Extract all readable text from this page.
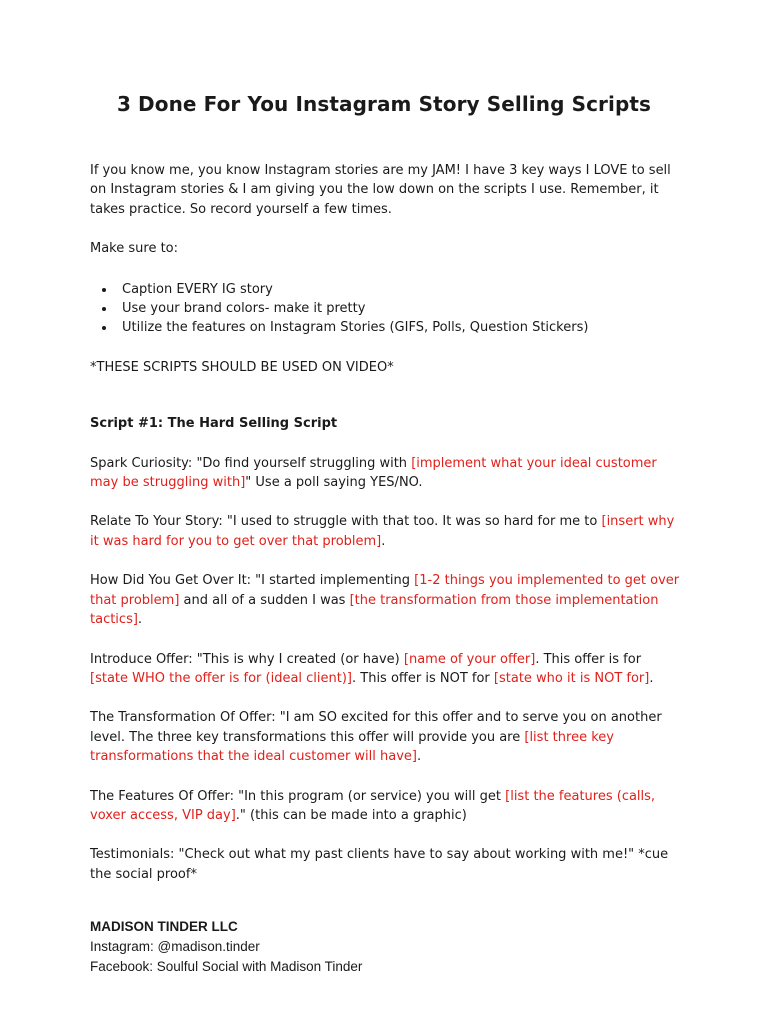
3 Done For You Instagram Story Selling Scripts

If you know me, you know Instagram stories are my JAM! I have 3 key ways I LOVE to sell on Instagram stories & I am giving you the low down on the scripts I use. Remember, it takes practice. So record yourself a few times.

Make sure to:

• Caption EVERY IG story
• Use your brand colors- make it pretty
• Utilize the features on Instagram Stories (GIFS, Polls, Question Stickers)

*THESE SCRIPTS SHOULD BE USED ON VIDEO*

Script #1: The Hard Selling Script

Spark Curiosity: "Do find yourself struggling with [implement what your ideal customer may be struggling with]" Use a poll saying YES/NO.

Relate To Your Story: "I used to struggle with that too. It was so hard for me to [insert why it was hard for you to get over that problem].

How Did You Get Over It: "I started implementing [1-2 things you implemented to get over that problem] and all of a sudden I was [the transformation from those implementation tactics].

Introduce Offer: "This is why I created (or have) [name of your offer]. This offer is for [state WHO the offer is for (ideal client)]. This offer is NOT for [state who it is NOT for].

The Transformation Of Offer: "I am SO excited for this offer and to serve you on another level. The three key transformations this offer will provide you are [list three key transformations that the ideal customer will have].

The Features Of Offer: "In this program (or service) you will get [list the features (calls, voxer access, VIP day]." (this can be made into a graphic)

Testimonials: "Check out what my past clients have to say about working with me!" *cue the social proof*

MADISON TINDER LLC
Instagram: @madison.tinder
Facebook: Soulful Social with Madison Tinder
